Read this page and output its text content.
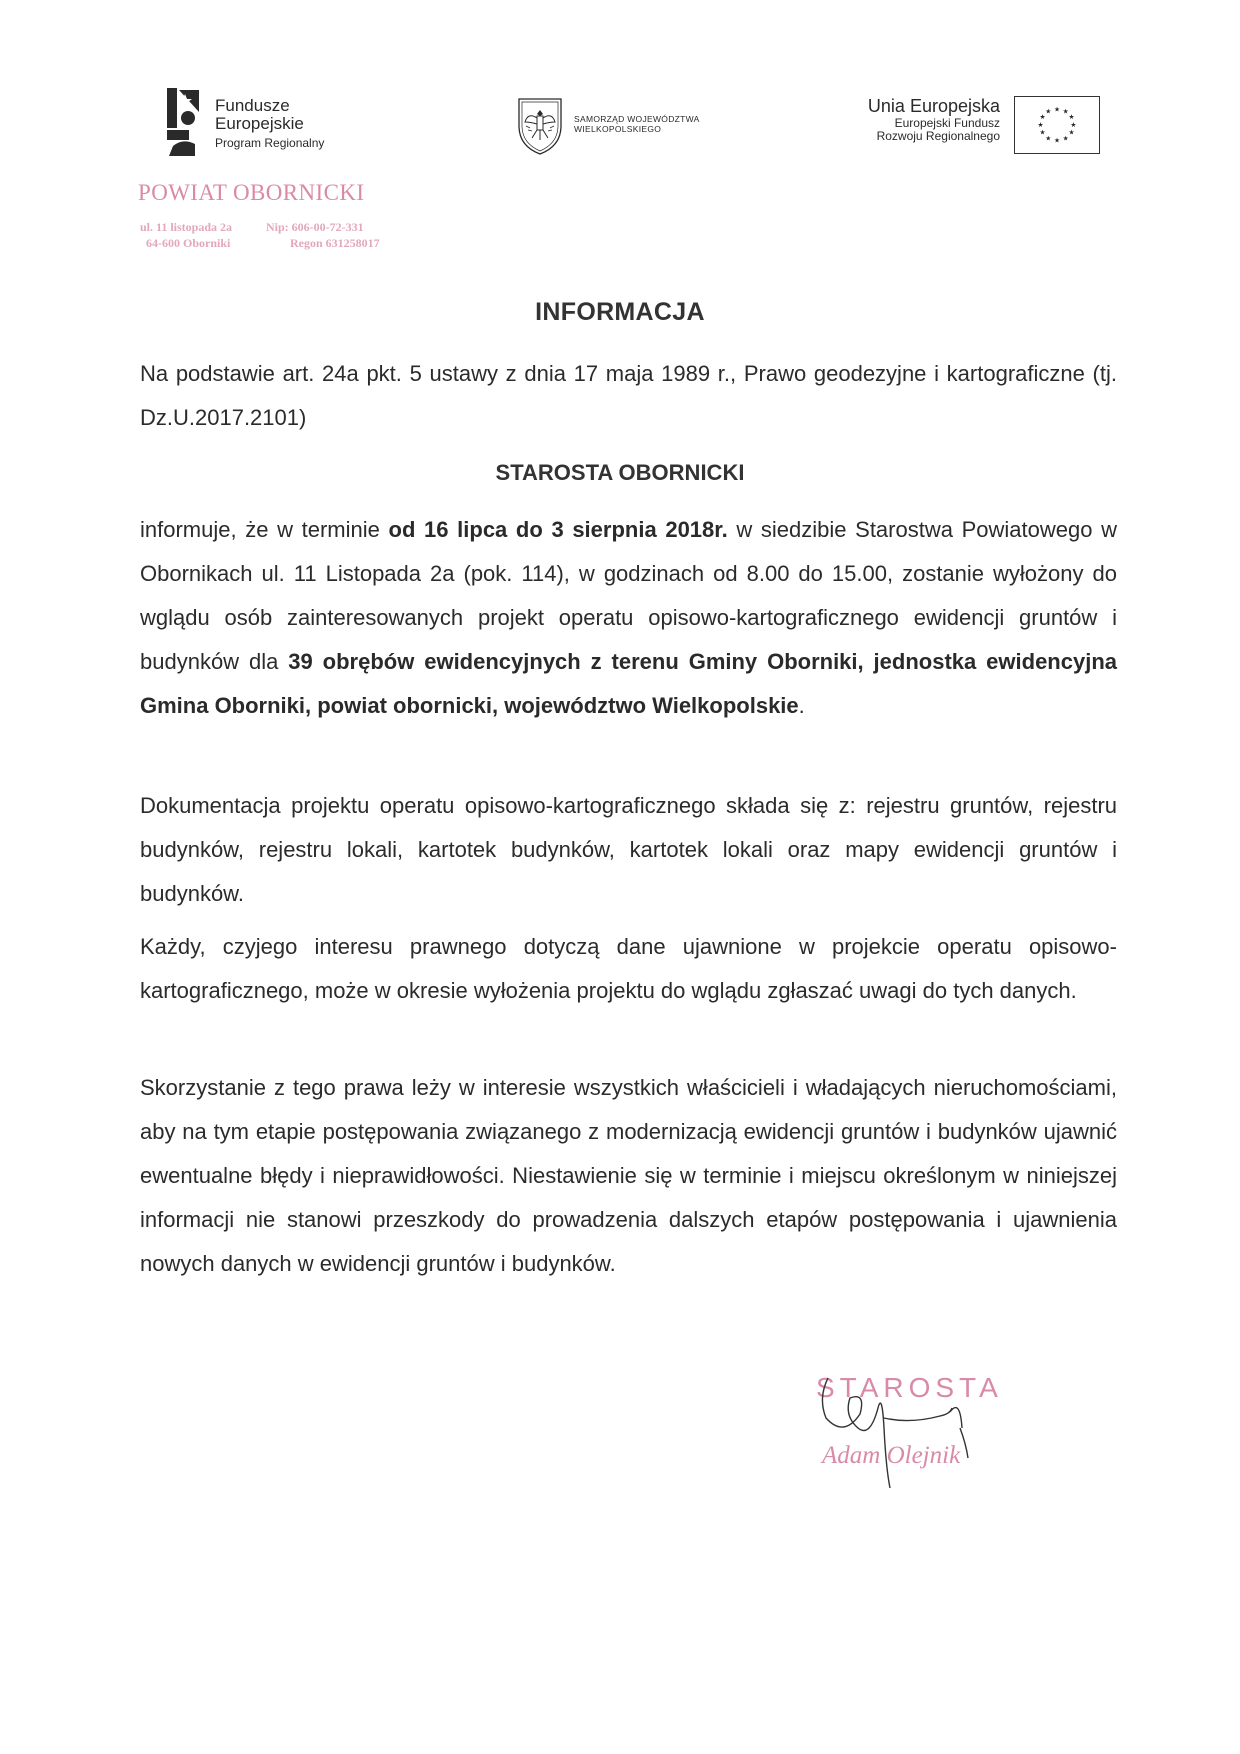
Fundusze
Europejskie
Program Regionalny
SAMORZĄD WOJEWÓDZTWA
WIELKOPOLSKIEGO
Unia Europejska
Europejski Fundusz
Rozwoju Regionalnego
★ ★
★
★
★
★
★
★
★
★
★
★
POWIAT OBORNICKI
ul. 11 listopada 2a	Nip: 606-00-72-331
64-600 Oborniki	Regon 631258017
INFORMACJA

Na podstawie art. 24a pkt. 5 ustawy z dnia 17 maja 1989 r., Prawo geodezyjne i kartograficzne (tj. Dz.U.2017.2101)

STAROSTA OBORNICKI

informuje, że w terminie od 16 lipca do 3 sierpnia 2018r. w siedzibie Starostwa Powiatowego w Obornikach ul. 11 Listopada 2a (pok. 114), w godzinach od 8.00 do 15.00, zostanie wyłożony do wglądu osób zainteresowanych projekt operatu opisowo-kartograficznego ewidencji gruntów i budynków dla 39 obrębów ewidencyjnych z terenu Gminy Oborniki, jednostka ewidencyjna Gmina Oborniki, powiat obornicki, województwo Wielkopolskie.

Dokumentacja projektu operatu opisowo-kartograficznego składa się z: rejestru gruntów, rejestru budynków, rejestru lokali, kartotek budynków, kartotek lokali oraz mapy ewidencji gruntów i budynków.

Każdy, czyjego interesu prawnego dotyczą dane ujawnione w projekcie operatu opisowo-kartograficznego, może w okresie wyłożenia projektu do wglądu zgłaszać uwagi do tych danych.

Skorzystanie z tego prawa leży w interesie wszystkich właścicieli i władających nieruchomościami, aby na tym etapie postępowania związanego z modernizacją ewidencji gruntów i budynków ujawnić ewentualne błędy i nieprawidłowości. Niestawienie się w terminie i miejscu określonym w niniejszej informacji nie stanowi przeszkody do prowadzenia dalszych etapów postępowania i ujawnienia nowych danych w ewidencji gruntów i budynków.

STAROSTA
Adam Olejnik
